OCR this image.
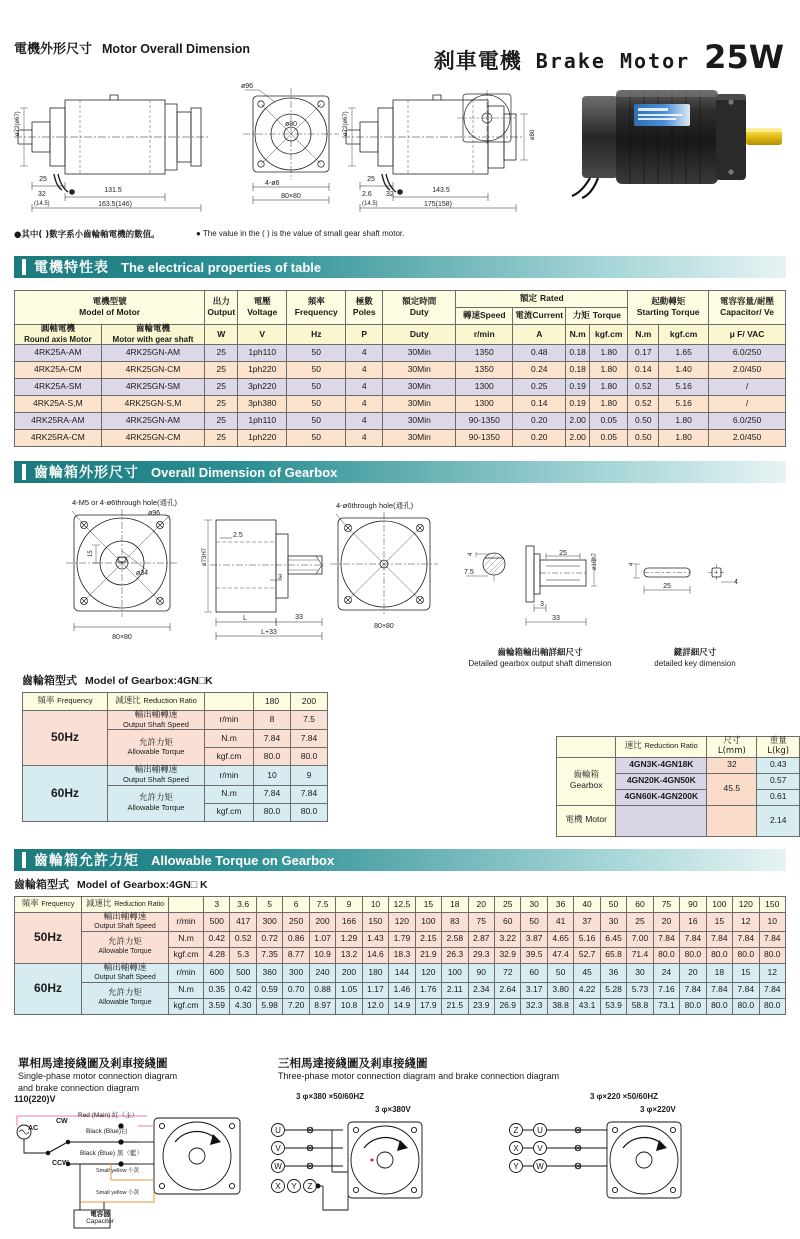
電機外形尺寸 Motor Overall Dimension	刹車電機 Brake Motor 25W
25
32
131.5
(14.5)	163.5(146)
ø72(ø67)
ø96
ø80
4-ø6
80×80
25
2.6 32
143.5
(14.5)	175(158)
ø72(ø67)	ø80
●其中( )數字系小齒輪軸電機的數值。	● The value in the ( ) is the value of small gear shaft motor.
電機特性表 The electrical properties of table
電機型號
Model of Motor

出力
Output

電壓
Voltage

頻率
Frequency

極數
Poles

額定時間
Duty
	額定 Rated	起動轉矩
Starting Torque

電容容量/耐壓
Capacitor/ Ve

							轉速Speed	電流Current	力矩 Torque				

圓軸電機
Round axis Motor

齒輪電機
Motor with gear shaft
	W	V	Hz	P	Duty	r/min	A	N.m	kgf.cm	N.m	kgf.cm	μ F/ VAC
4RK25A-AM	4RK25GN-AM	25	1ph110	50	4	30Min	1350	0.48	0.18	1.80	0.17	1.65	6.0/250
4RK25A-CM	4RK25GN-CM	25	1ph220	50	4	30Min	1350	0.24	0.18	1.80	0.14	1.40	2.0/450
4RK25A-SM	4RK25GN-SM	25	3ph220	50	4	30Min	1300	0.25	0.19	1.80	0.52	5.16	/
4RK25A-S,M	4RK25GN-S,M	25	3ph380	50	4	30Min	1300	0.14	0.19	1.80	0.52	5.16	/
4RK25RA-AM	4RK25GN-AM	25	1ph110	50	4	30Min	90-1350	0.20	2.00	0.05	0.50	1.80	6.0/250
4RK25RA-CM	4RK25GN-CM	25	1ph220	50	4	30Min	90-1350	0.20	2.00	0.05	0.50	1.80	2.0/450
齒輪箱外形尺寸 Overall Dimension of Gearbox
4-M5 or 4-ø6through hole(通孔)	4-ø6through hole(通孔)
ø96
ø34
15
80×80
2.5
3
ø73H7
L	33
L+33
80×80
4
7.5
25
3
33
ø10h7	4
25
4
齒輪箱輸出軸詳細尺寸
Detailed gearbox output shaft dimension
鍵詳細尺寸
detailed key dimension
齒輪箱型式 Model of Gearbox:4GN□K
頻率 Frequency	減速比 Reduction Ratio		180	200
50Hz	輸出軸轉速
Output Shaft Speed	r/min	8	7.5

	允許力矩
Allowable Torque	N.m	7.84	7.84
		kgf.cm	80.0	80.0
60Hz	輸出軸轉速
Output Shaft Speed	r/min	10	9

	允許力矩
Allowable Torque	N.m	7.84	7.84
		kgf.cm	80.0	80.0
	速比 Reduction Ratio	尺寸L(mm)	重量L(kg)

齒輪箱
Gearbox	4GN3K-4GN18K	32	0.43
	4GN20K-4GN50K	45.5	0.57
	4GN60K-4GN200K		0.61
電機 Motor			2.14
齒輪箱允許力矩 Allowable Torque on Gearbox
齒輪箱型式 Model of Gearbox:4GN□ K
頻率 Frequency	減速比 Reduction Ratio		3	3.6	5	6	7.5	9	10	12.5	15	18	20	25	30	36	40	50	60	75	90	100	120	150
50Hz	輸出軸轉速
Output Shaft Speed	r/min	500	417	300	250	200	166	150	120	100	83	75	60	50	41	37	30	25	20	16	15	12	10

	允許力矩
Allowable Torque	N.m	0.42	0.52	0.72	0.86	1.07	1.29	1.43	1.79	2.15	2.58	2.87	3.22	3.87	4.65	5.16	6.45	7.00	7.84	7.84	7.84	7.84	7.84
		kgf.cm	4.28	5.3	7.35	8.77	10.9	13.2	14.6	18.3	21.9	26.3	29.3	32.9	39.5	47.4	52.7	65.8	71.4	80.0	80.0	80.0	80.0	80.0
60Hz	輸出軸轉速
Output Shaft Speed	r/min	600	500	360	300	240	200	180	144	120	100	90	72	60	50	45	36	30	24	20	18	15	12

	允許力矩
Allowable Torque	N.m	0.35	0.42	0.59	0.70	0.88	1.05	1.17	1.46	1.76	2.11	2.34	2.64	3.17	3.80	4.22	5.28	5.73	7.16	7.84	7.84	7.84	7.84
		kgf.cm	3.59	4.30	5.98	7.20	8.97	10.8	12.0	14.9	17.9	21.5	23.9	26.9	32.3	38.8	43.1	53.9	58.8	73.1	80.0	80.0	80.0	80.0
單相馬達接綫圖及剎車接綫圖
Single-phase motor connection diagram
and brake connection diagram
三相馬達接綫圖及剎車接綫圖
Three-phase motor connection diagram and brake connection diagram
110(220)V
Red (Main) 紅（主）
Black (Blue)白
Black (Blue) 黑（藍）
Small yellow 小黃
Small yellow 小黃
AC
CW
CCW
電容器
Capacitor
3 φ×380 ×50/60HZ
3 φ×380V
U
V
W
X Y Z
3 φ×220 ×50/60HZ
3 φ×220V
Z U
X V
Y W
